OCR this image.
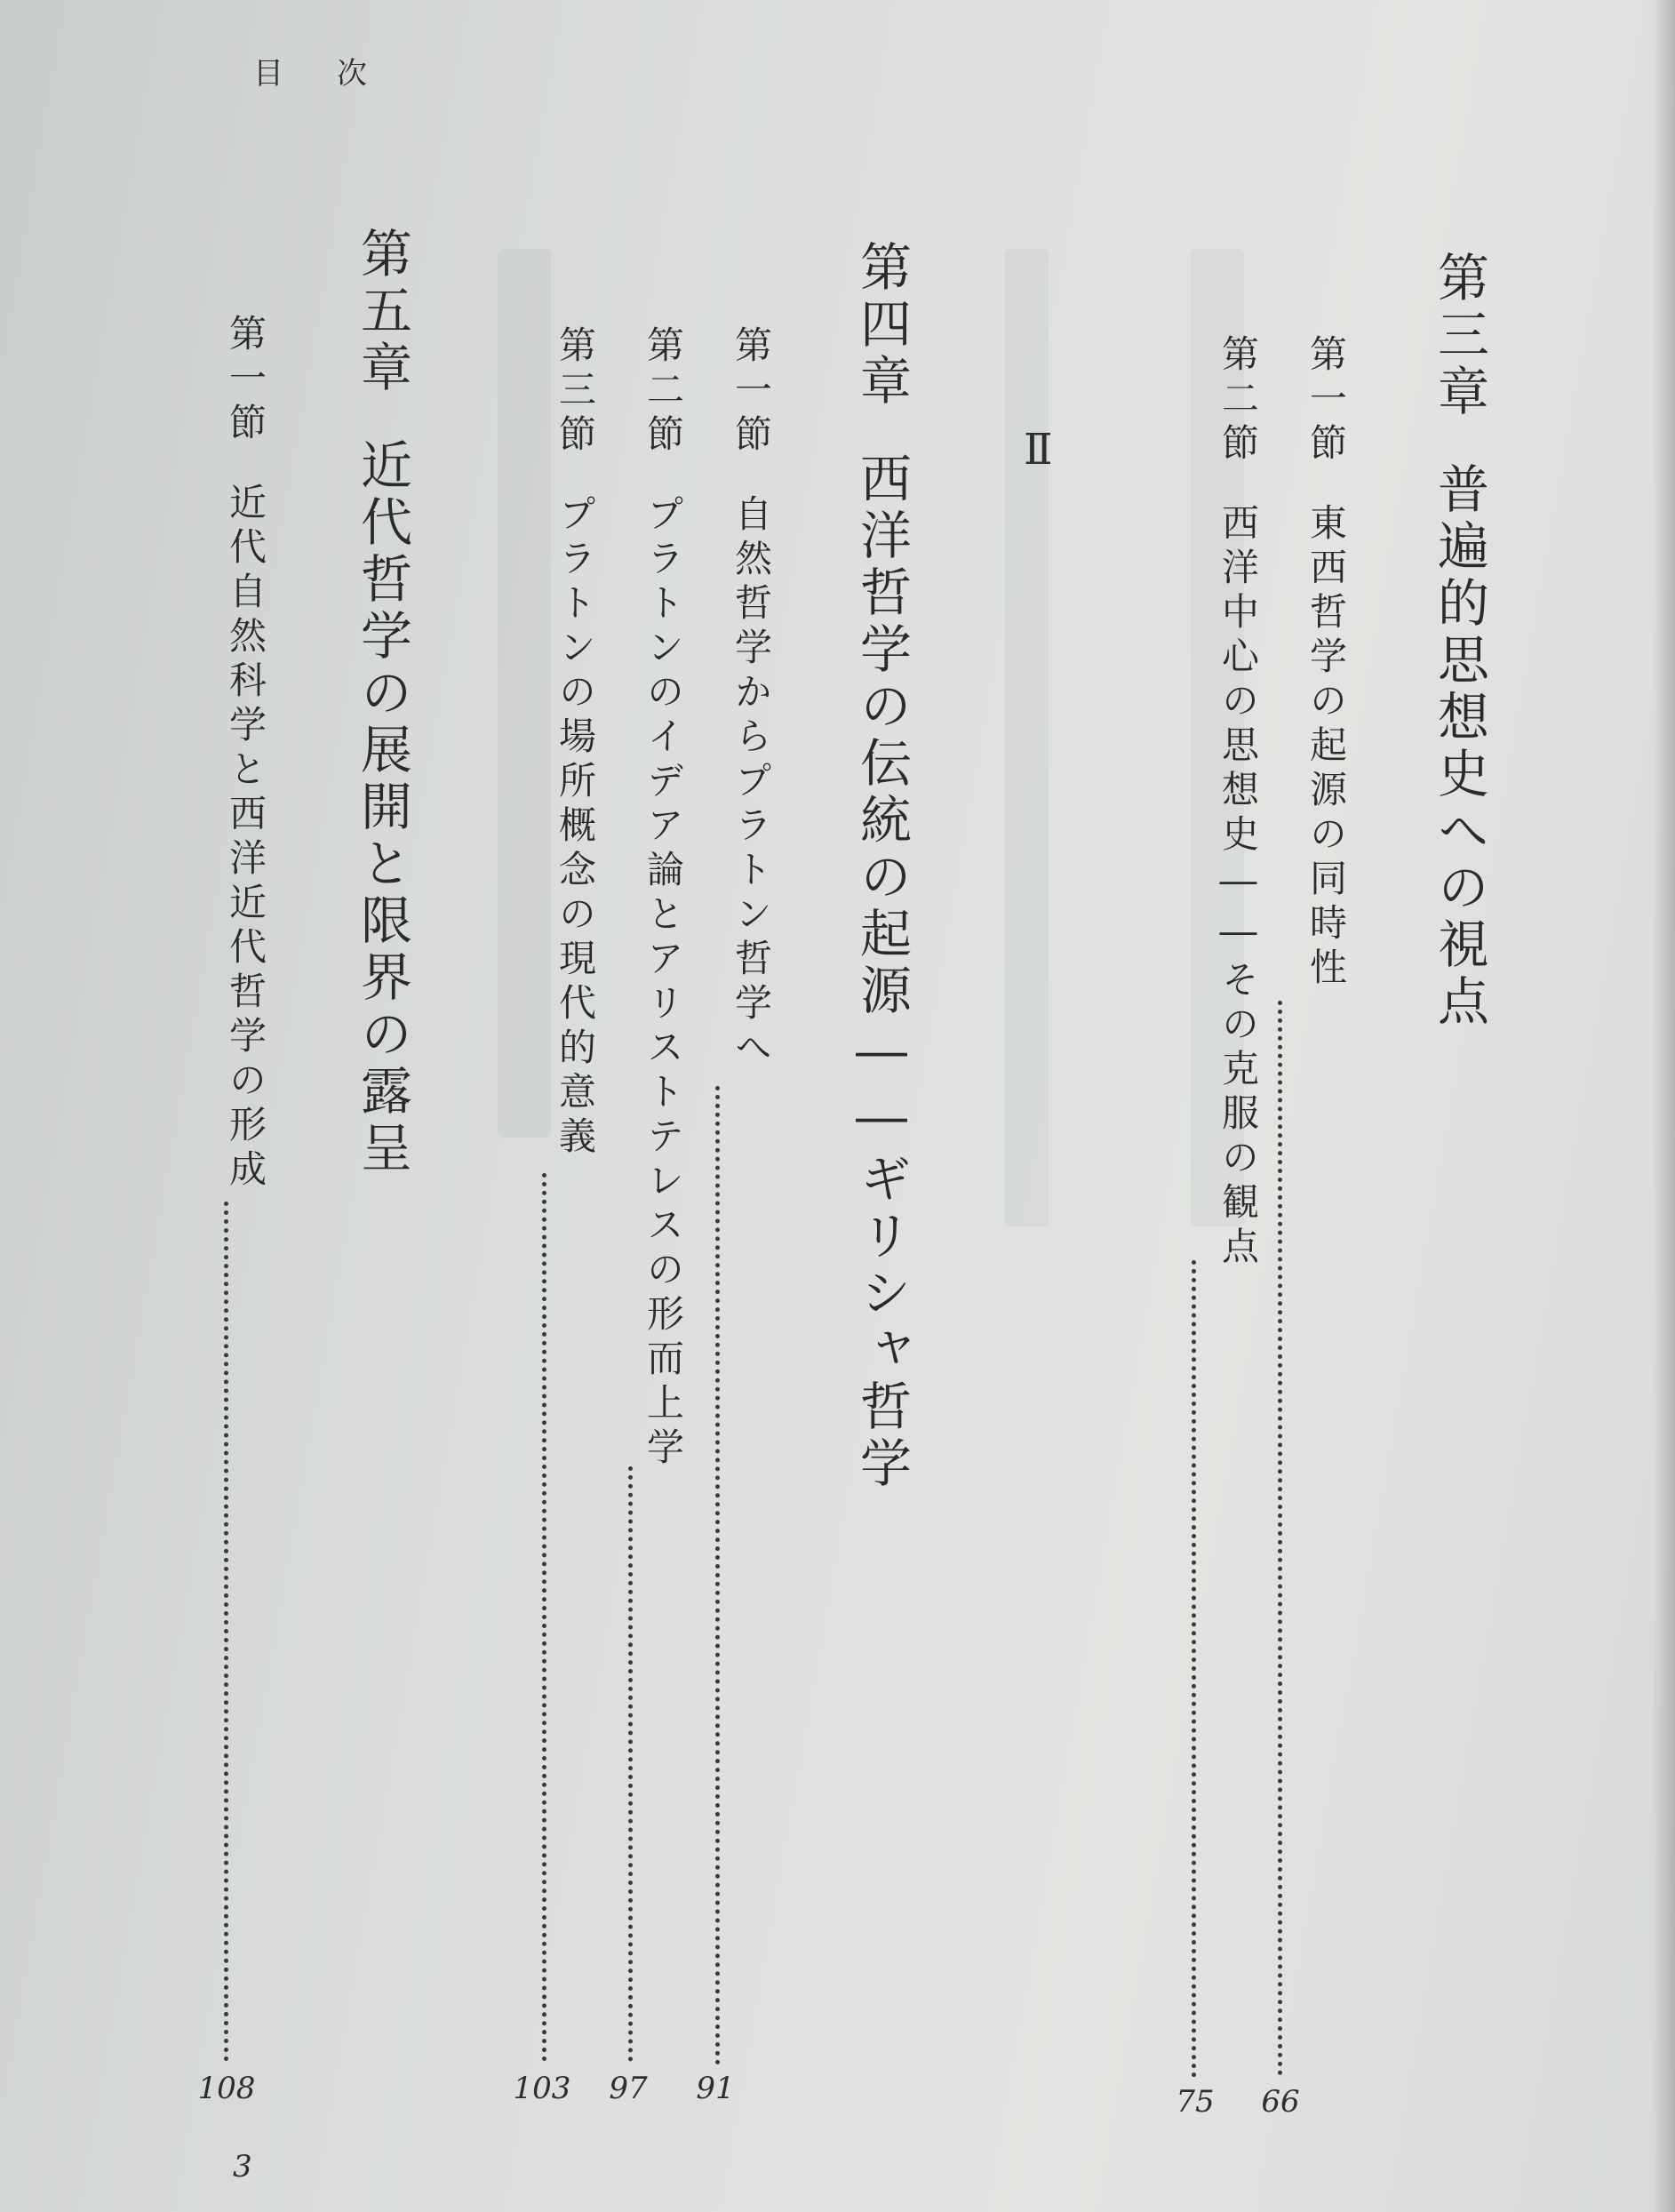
目次
第三章普遍的思想史への視点
第一節東西哲学の起源の同時性
66
第二節西洋中心の思想史――その克服の観点
75
Ⅱ
第四章西洋哲学の伝統の起源――ギリシャ哲学
第一節自然哲学からプラトン哲学へ
91
第二節プラトンのイデア論とアリストテレスの形而上学
97
第三節プラトンの場所概念の現代的意義
103
第五章近代哲学の展開と限界の露呈
第一節近代自然科学と西洋近代哲学の形成
108
3
